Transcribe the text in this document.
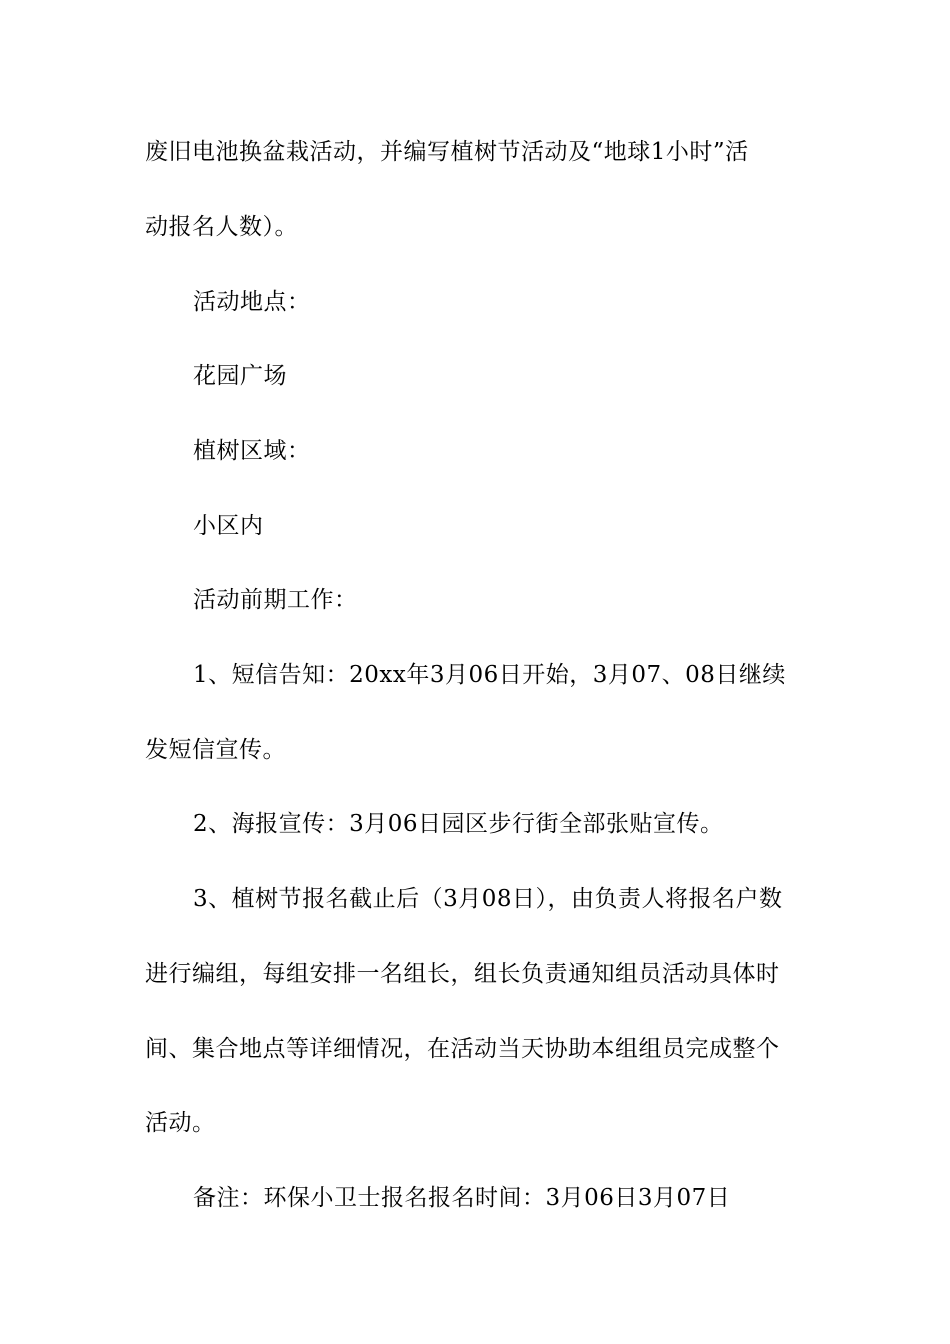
废旧电池换盆栽活动，并编写植树节活动及“地球1小时”活
动报名人数）。
活动地点：
花园广场
植树区域：
小区内
活动前期工作：
1、短信告知：20xx年3月06日开始，3月07、08日继续
发短信宣传。
2、海报宣传：3月06日园区步行街全部张贴宣传。
3、植树节报名截止后（3月08日），由负责人将报名户数
进行编组，每组安排一名组长，组长负责通知组员活动具体时
间、集合地点等详细情况，在活动当天协助本组组员完成整个
活动。
备注：环保小卫士报名报名时间：3月06日3月07日
